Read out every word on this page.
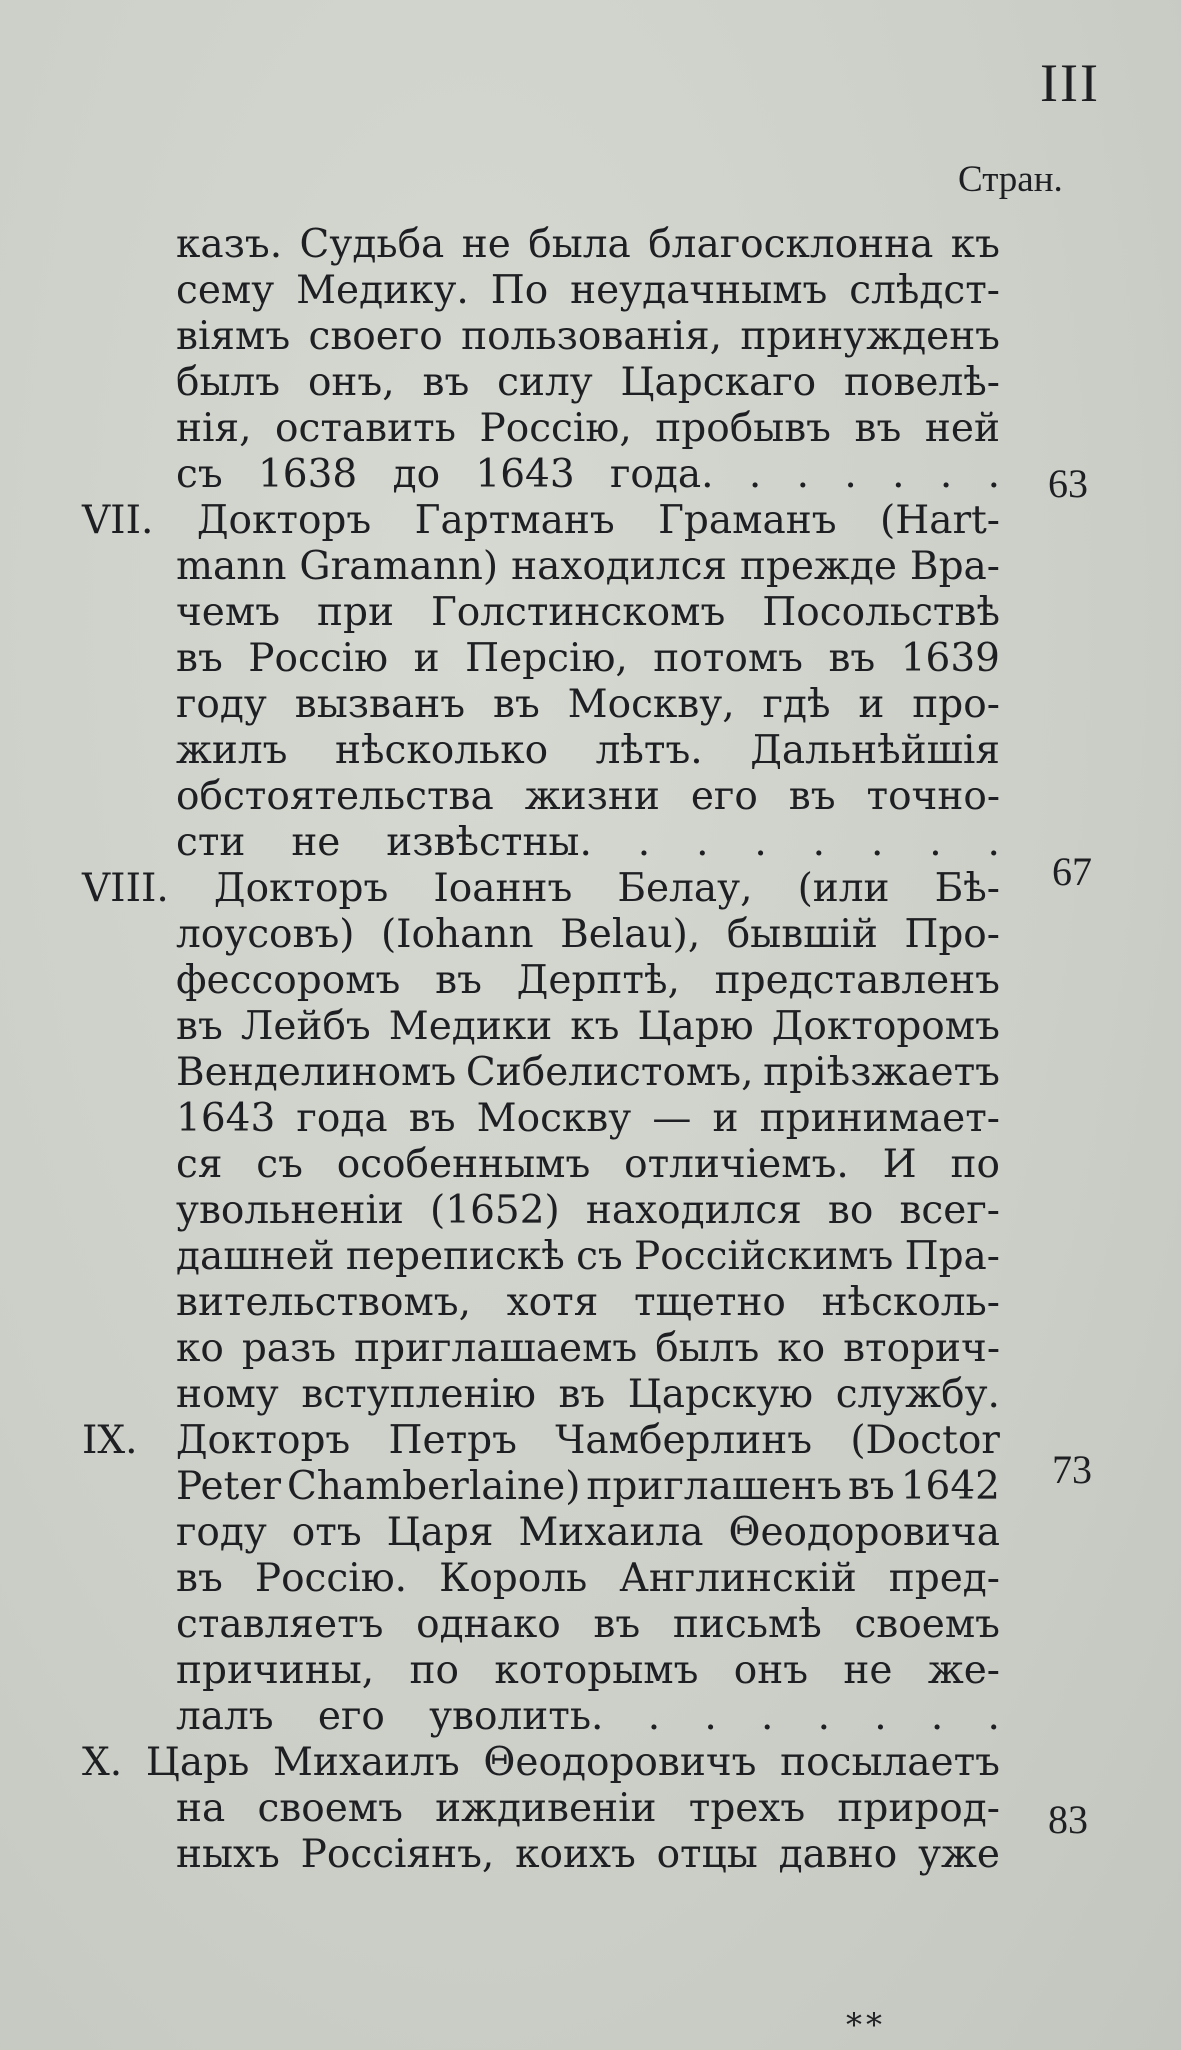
III
Стран.
казъ. Судьба не была благосклонна къ
сему Медику. По неудачнымъ слѣдст-
віямъ своего пользованія, принужденъ
былъ онъ, въ силу Царскаго повелѣ-
нія, оставить Россію, пробывъ въ ней
съ 1638 до 1643 года. . . . . . .
VII. Докторъ Гартманъ Граманъ (Hart-
mann Gramann) находился прежде Вра-
чемъ при Голстинскомъ Посольствѣ
въ Россію и Персію, потомъ въ 1639
году вызванъ въ Москву, гдѣ и про-
жилъ нѣсколько лѣтъ. Дальнѣйшія
обстоятельства жизни его въ точно-
сти не извѣстны. . . . . . . .
VIII. Докторъ Іоаннъ Белау, (или Бѣ-
лоусовъ) (Iohann Belau), бывшій Про-
фессоромъ въ Дерптѣ, представленъ
въ Лейбъ Медики къ Царю Докторомъ
Венделиномъ Сибелистомъ, пріѣзжаетъ
1643 года въ Москву — и принимает-
ся съ особеннымъ отличіемъ. И по
увольненіи (1652) находился во всег-
дашней перепискѣ съ Россійскимъ Пра-
вительствомъ, хотя тщетно нѣсколь-
ко разъ приглашаемъ былъ ко вторич-
ному вступленію въ Царскую службу.
IX. Докторъ Петръ Чамберлинъ (Doctor
Peter Chamberlaine) приглашенъ въ 1642
году отъ Царя Михаила Θеодоровича
въ Россію. Король Англинскій пред-
ставляетъ однако въ письмѣ своемъ
причины, по которымъ онъ не же-
лалъ его уволить. . . . . . . .
X. Царь Михаилъ Θеодоровичъ посылаетъ
на своемъ иждивеніи трехъ природ-
ныхъ Россіянъ, коихъ отцы давно уже
63
67
73
83
**
